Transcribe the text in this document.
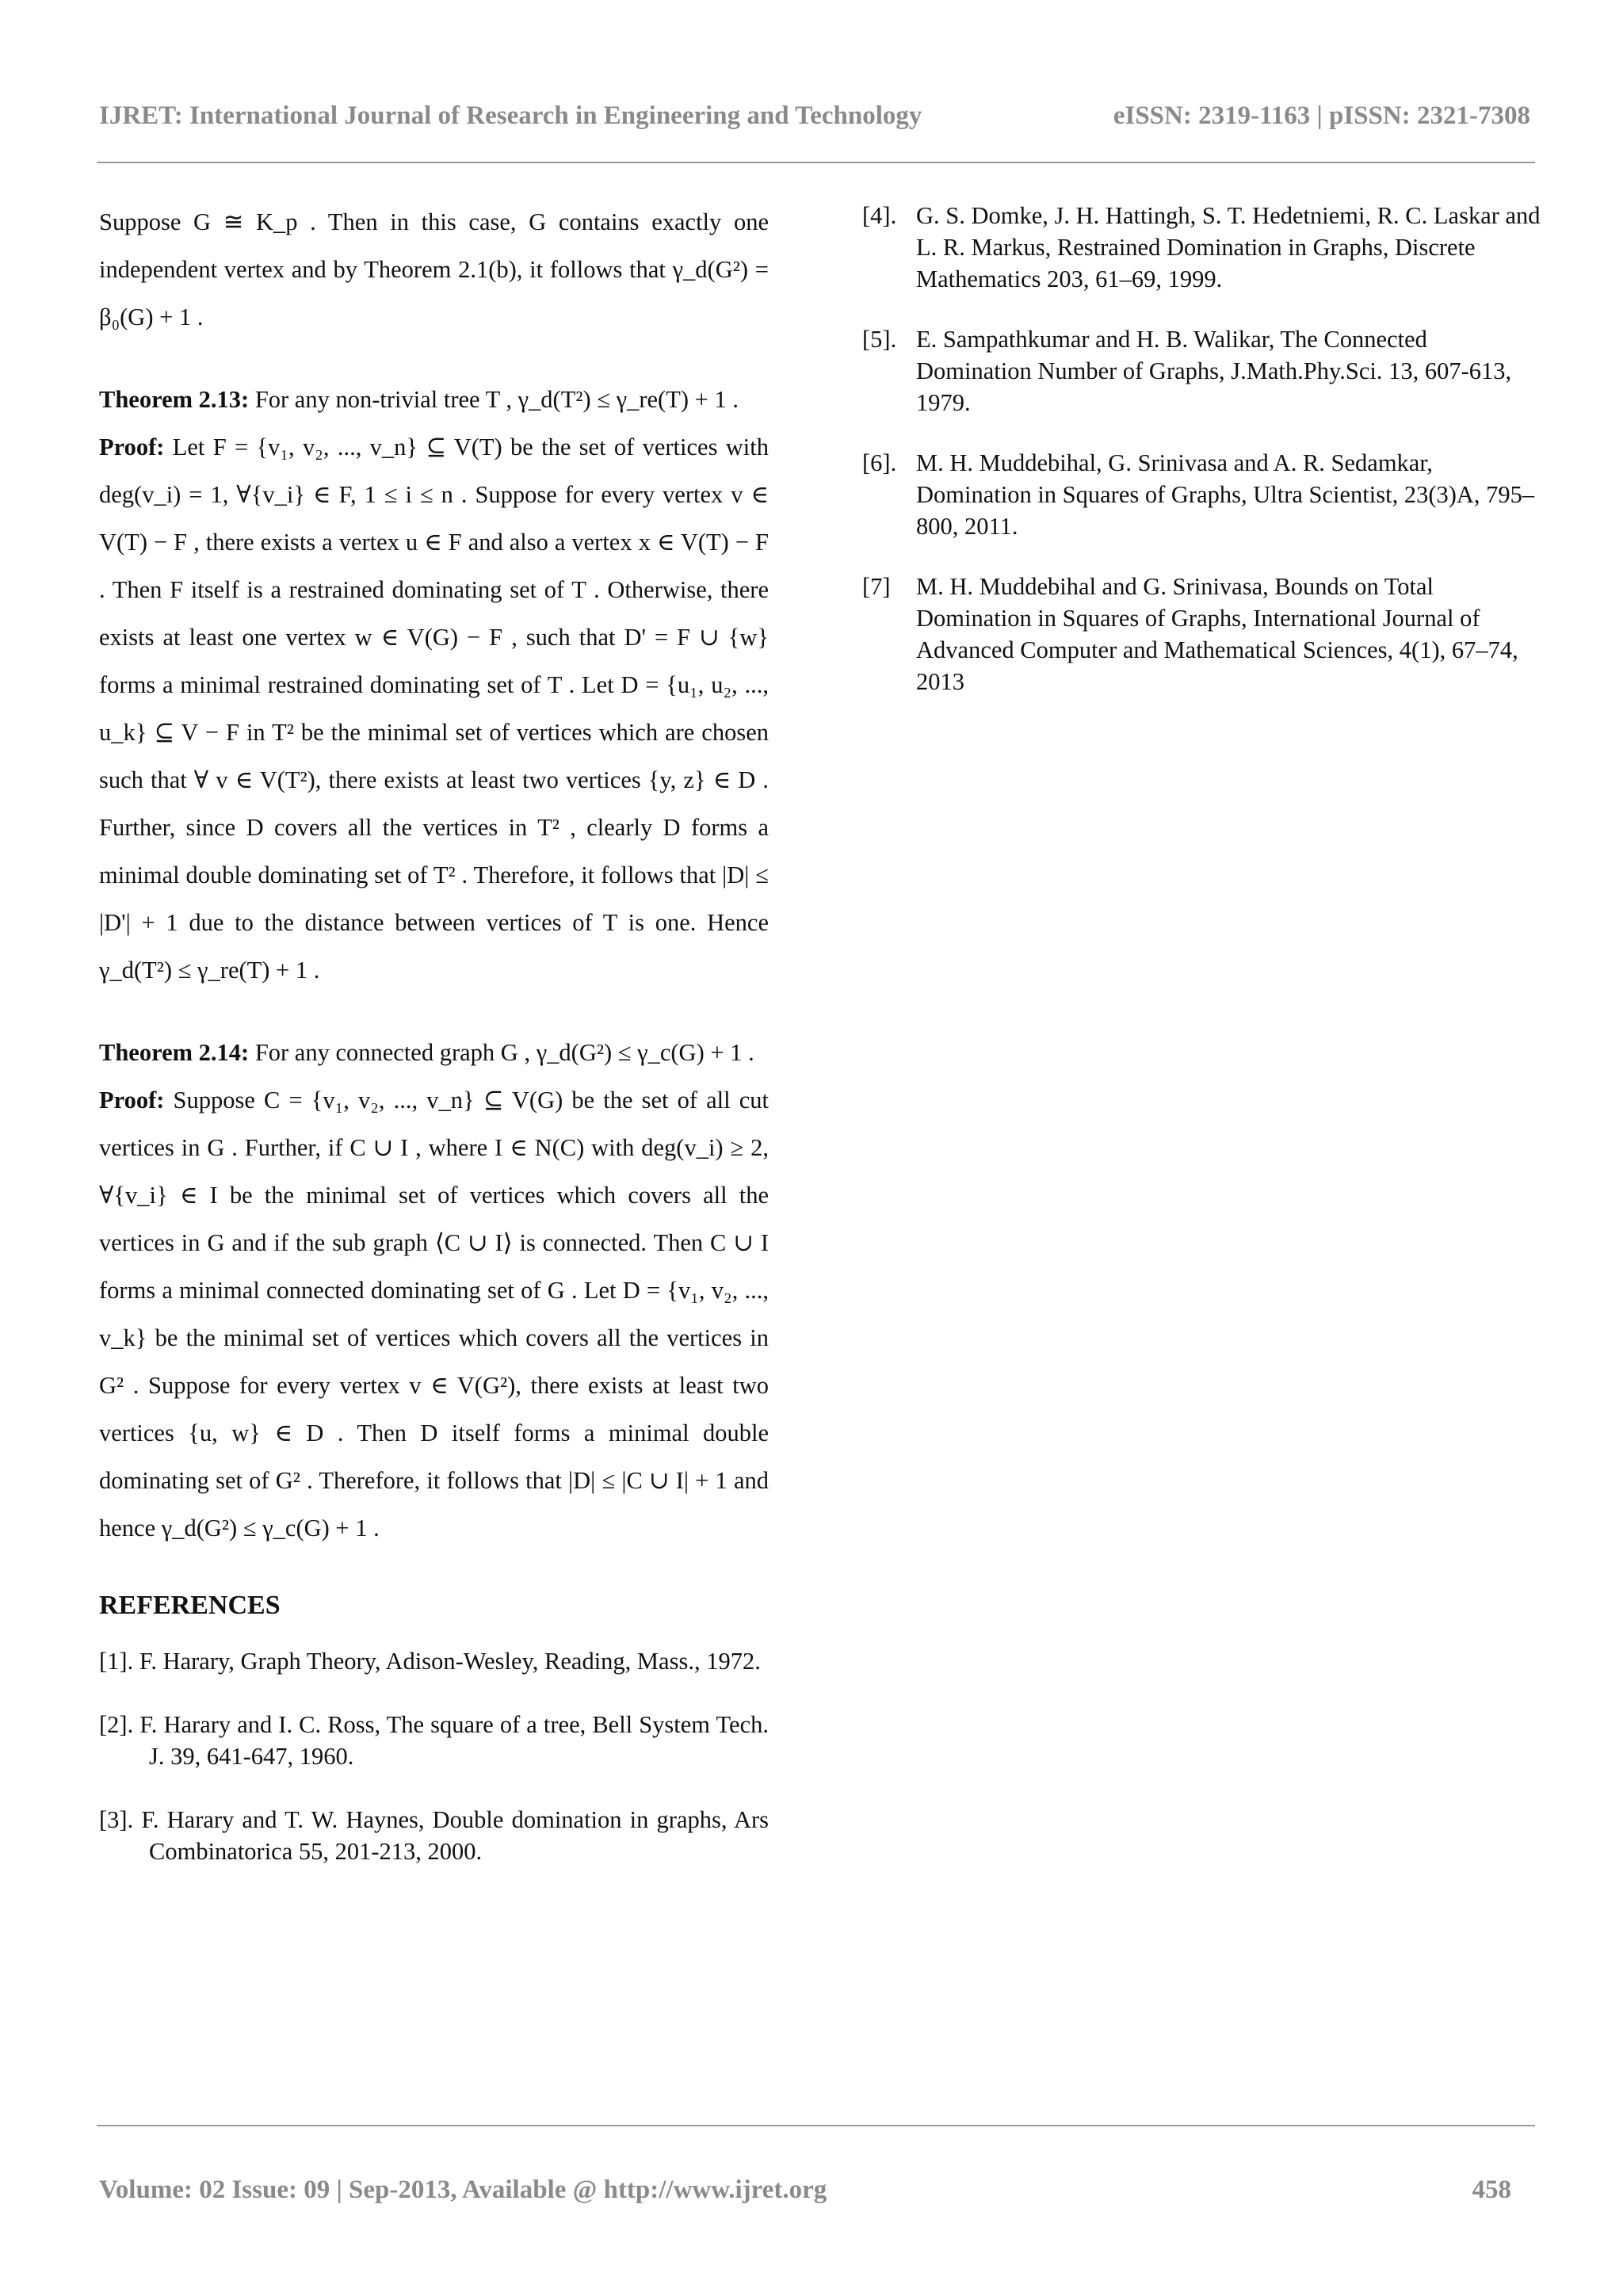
IJRET: International Journal of Research in Engineering and Technology	eISSN: 2319-1163 | pISSN: 2321-7308

Suppose G ≅ K_p . Then in this case, G contains exactly one independent vertex and by Theorem 2.1(b), it follows that γ_d(G²) = β₀(G) + 1 .

Theorem 2.13: For any non-trivial tree T , γ_d(T²) ≤ γ_re(T) + 1 .

Proof: Let F = {v₁, v₂, ..., v_n} ⊆ V(T) be the set of vertices with deg(v_i) = 1, ∀{v_i} ∈ F, 1 ≤ i ≤ n . Suppose for every vertex v ∈ V(T) − F , there exists a vertex u ∈ F and also a vertex x ∈ V(T) − F . Then F itself is a restrained dominating set of T . Otherwise, there exists at least one vertex w ∈ V(G) − F , such that D' = F ∪ {w} forms a minimal restrained dominating set of T . Let D = {u₁, u₂, ..., u_k} ⊆ V − F in T² be the minimal set of vertices which are chosen such that ∀ v ∈ V(T²), there exists at least two vertices {y, z} ∈ D . Further, since D covers all the vertices in T² , clearly D forms a minimal double dominating set of T² . Therefore, it follows that |D| ≤ |D'| + 1 due to the distance between vertices of T is one. Hence γ_d(T²) ≤ γ_re(T) + 1 .

Theorem 2.14: For any connected graph G , γ_d(G²) ≤ γ_c(G) + 1 .

Proof: Suppose C = {v₁, v₂, ..., v_n} ⊆ V(G) be the set of all cut vertices in G . Further, if C ∪ I , where I ∈ N(C) with deg(v_i) ≥ 2, ∀{v_i} ∈ I be the minimal set of vertices which covers all the vertices in G and if the sub graph ⟨C ∪ I⟩ is connected. Then C ∪ I forms a minimal connected dominating set of G . Let D = {v₁, v₂, ..., v_k} be the minimal set of vertices which covers all the vertices in G² . Suppose for every vertex v ∈ V(G²), there exists at least two vertices {u, w} ∈ D . Then D itself forms a minimal double dominating set of G² . Therefore, it follows that |D| ≤ |C ∪ I| + 1 and hence γ_d(G²) ≤ γ_c(G) + 1 .

REFERENCES
[1]. F. Harary, Graph Theory, Adison-Wesley, Reading, Mass., 1972.
[2]. F. Harary and I. C. Ross, The square of a tree, Bell System Tech. J. 39, 641-647, 1960.
[3]. F. Harary and T. W. Haynes, Double domination in graphs, Ars Combinatorica 55, 201-213, 2000.
[4]. G. S. Domke, J. H. Hattingh, S. T. Hedetniemi, R. C. Laskar and L. R. Markus, Restrained Domination in Graphs, Discrete Mathematics 203, 61–69, 1999.
[5]. E. Sampathkumar and H. B. Walikar, The Connected Domination Number of Graphs, J.Math.Phy.Sci. 13, 607-613, 1979.
[6]. M. H. Muddebihal, G. Srinivasa and A. R. Sedamkar, Domination in Squares of Graphs, Ultra Scientist, 23(3)A, 795–800, 2011.
[7] M. H. Muddebihal and G. Srinivasa, Bounds on Total Domination in Squares of Graphs, International Journal of Advanced Computer and Mathematical Sciences, 4(1), 67–74, 2013
Volume: 02 Issue: 09 | Sep-2013, Available @ http://www.ijret.org	458
